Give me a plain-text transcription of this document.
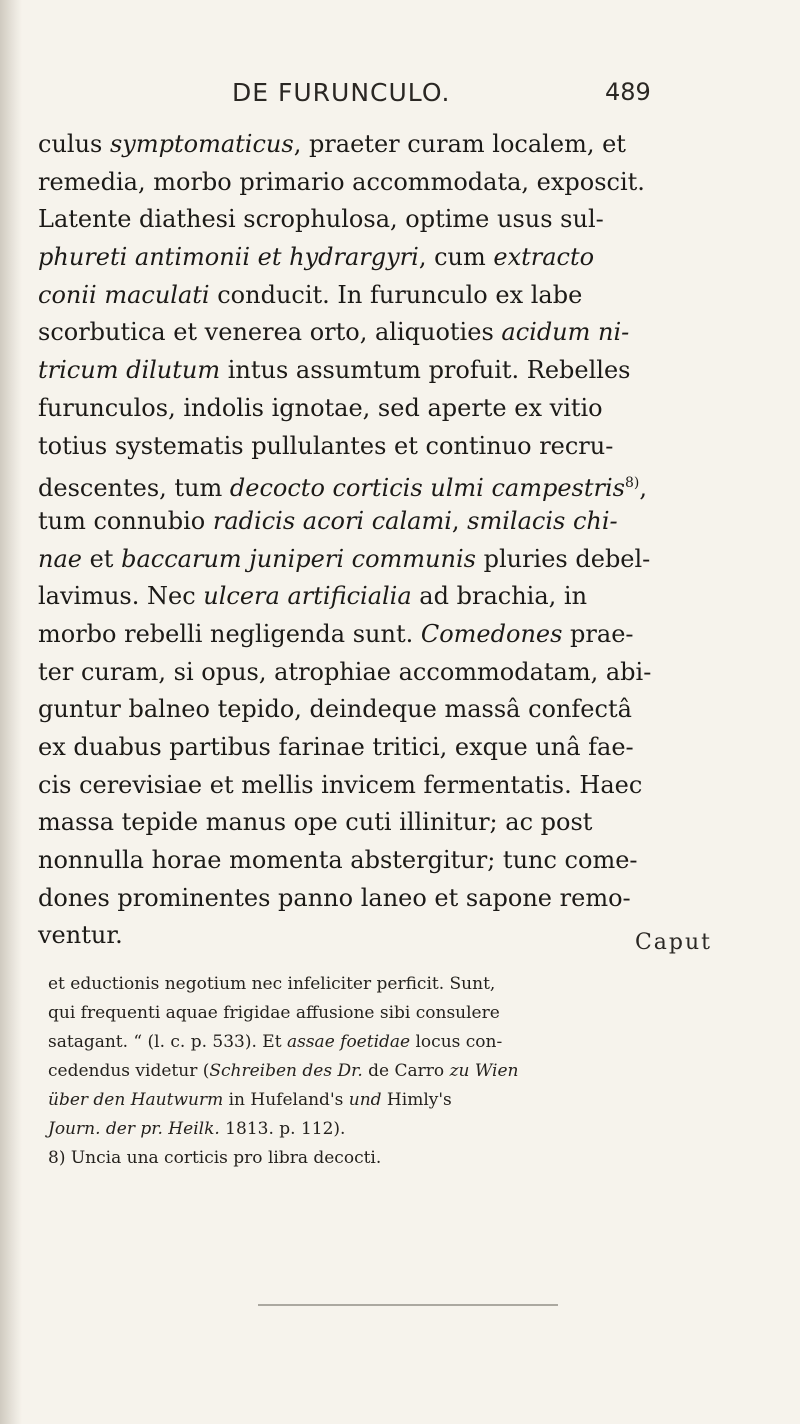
DE FURUNCULO.	489
culus symptomaticus, praeter curam localem, et
remedia, morbo primario accommodata, exposcit.
Latente diathesi scrophulosa, optime usus sul-
phureti antimonii et hydrargyri, cum extracto
conii maculati conducit. In furunculo ex labe
scorbutica et venerea orto, aliquoties acidum ni-
tricum dilutum intus assumtum profuit. Rebelles
furunculos, indolis ignotae, sed aperte ex vitio
totius systematis pullulantes et continuo recru-
descentes, tum decocto corticis ulmi campestris$^{8)}$,
tum connubio radicis acori calami, smilacis chi-
nae et baccarum juniperi communis pluries debel-
lavimus. Nec ulcera artificialia ad brachia, in
morbo rebelli negligenda sunt. Comedones prae-
ter curam, si opus, atrophiae accommodatam, abi-
guntur balneo tepido, deindeque massâ confectâ
ex duabus partibus farinae tritici, exque unâ fae-
cis cerevisiae et mellis invicem fermentatis. Haec
massa tepide manus ope cuti illinitur; ac post
nonnulla horae momenta abstergitur; tunc come-
dones prominentes panno laneo et sapone remo-
ventur.	Caput
et eductionis negotium nec infeliciter perficit. Sunt,
qui frequenti aquae frigidae affusione sibi consulere
satagant. “ (l. c. p. 533). Et assae foetidae locus con-
cedendus videtur (Schreiben des Dr. de Carro zu Wien
über den Hautwurm in Hufeland's und Himly's
Journ. der pr. Heilk. 1813. p. 112).
8) Uncia una corticis pro libra decocti.
